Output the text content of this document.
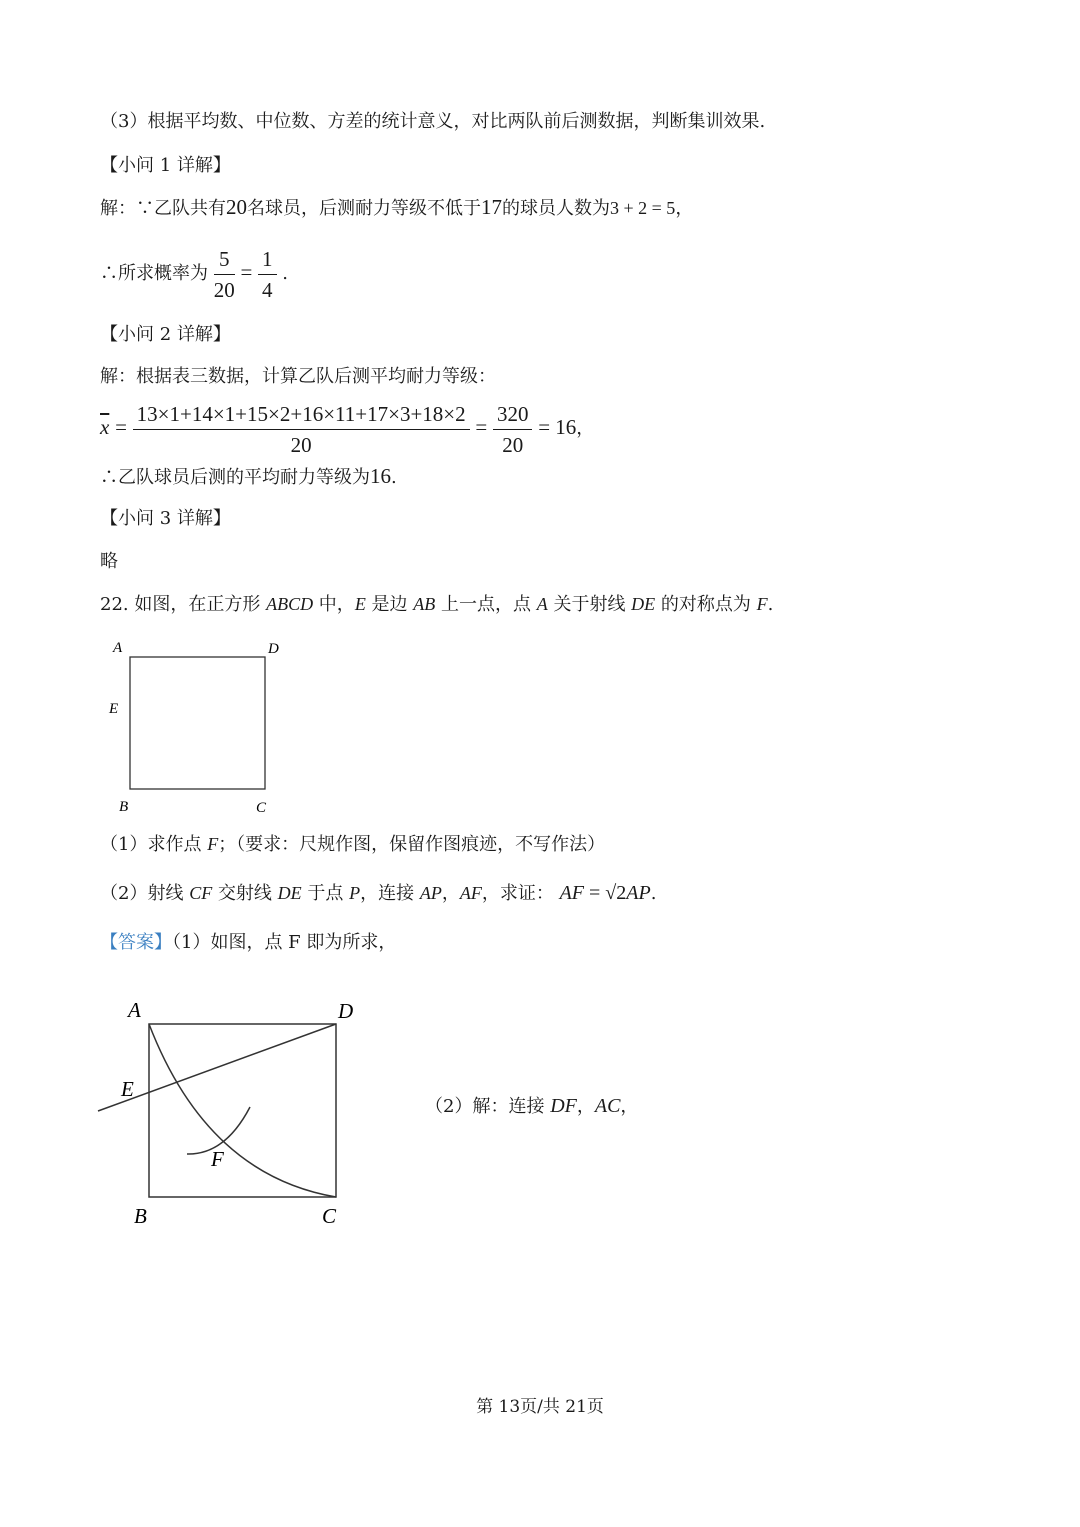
（3）根据平均数、中位数、方差的统计意义，对比两队前后测数据，判断集训效果.
【小问 1 详解】
解：∵乙队共有20名球员，后测耐力等级不低于17的球员人数为3 + 2 = 5，
∴所求概率为 $\frac{5}{20} = \frac{1}{4}$ .
【小问 2 详解】
解：根据表三数据，计算乙队后测平均耐力等级：
$\overline{x} = \frac{13\times 1+14\times 1+15\times 2+16\times 11+17\times 3+18\times 2}{20} = \frac{320}{20} = 16$，
∴乙队球员后测的平均耐力等级为16.
【小问 3 详解】
略
22. 如图，在正方形 ABCD 中，E 是边 AB 上一点，点 A 关于射线 DE 的对称点为 F.
A	D
E
B	C
（1）求作点 F；（要求：尺规作图，保留作图痕迹，不写作法）
（2）射线 CF 交射线 DE 于点 P，连接 AP，AF，求证： AF = √2AP.
【答案】（1）如图，点 F 即为所求，
A	D
E
F
B	C
（2）解：连接 DF，AC，
第 13页/共 21页
